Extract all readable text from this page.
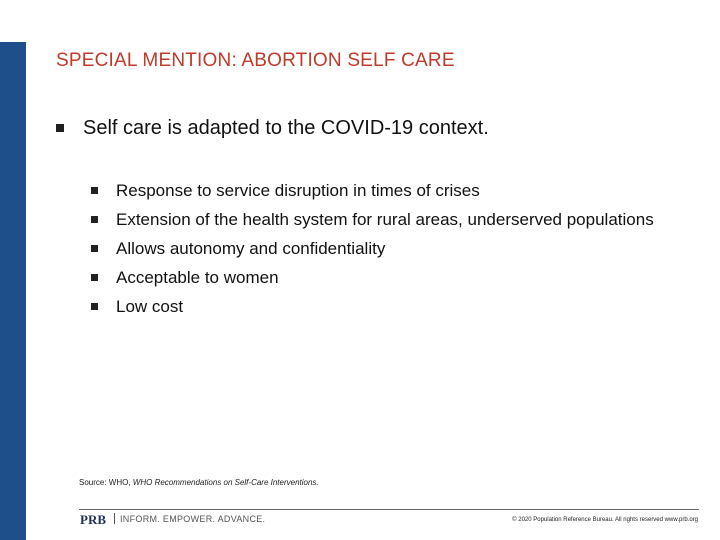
SPECIAL MENTION: ABORTION SELF CARE
Self care is adapted to the COVID-19 context.
Response to service disruption in times of crises
Extension of the health system for rural areas, underserved populations
Allows autonomy and confidentiality
Acceptable to women
Low cost
Source: WHO, WHO Recommendations on Self-Care Interventions.
PRB INFORM. EMPOWER. ADVANCE.	© 2020 Population Reference Bureau. All rights reserved www.prb.org
